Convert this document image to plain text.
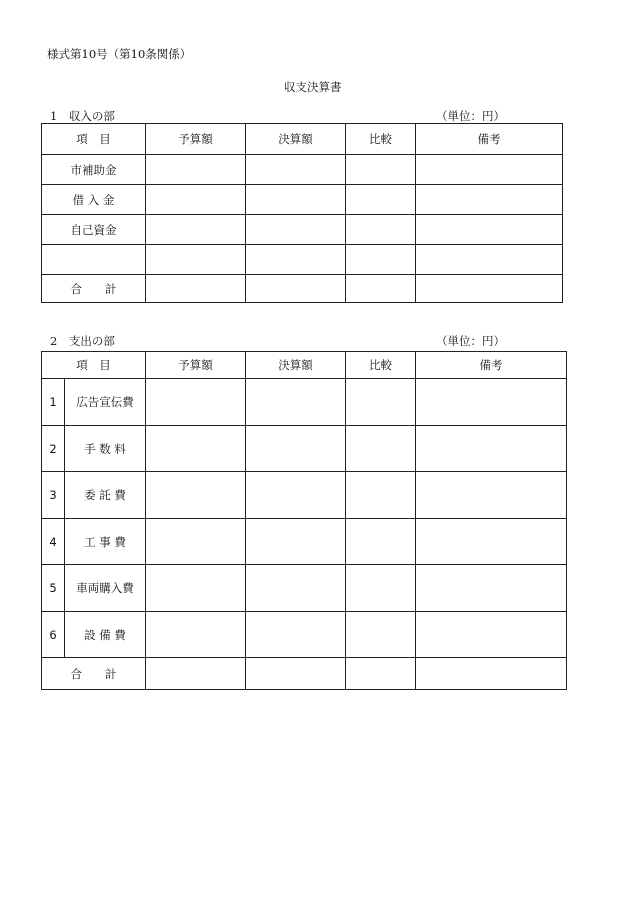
様式第10号（第10条関係）
収支決算書
1　収入の部	（単位：円）
項　目	予算額	決算額	比較	備考
市補助金				
借 入 金				
自己資金				

合　　計				
2　支出の部	（単位：円）
項　目		予算額	決算額	比較	備考
1	広告宣伝費				
2	手 数 料				
3	委 託 費				
4	工 事 費				
5	車両購入費				
6	設 備 費				
合　　計					
